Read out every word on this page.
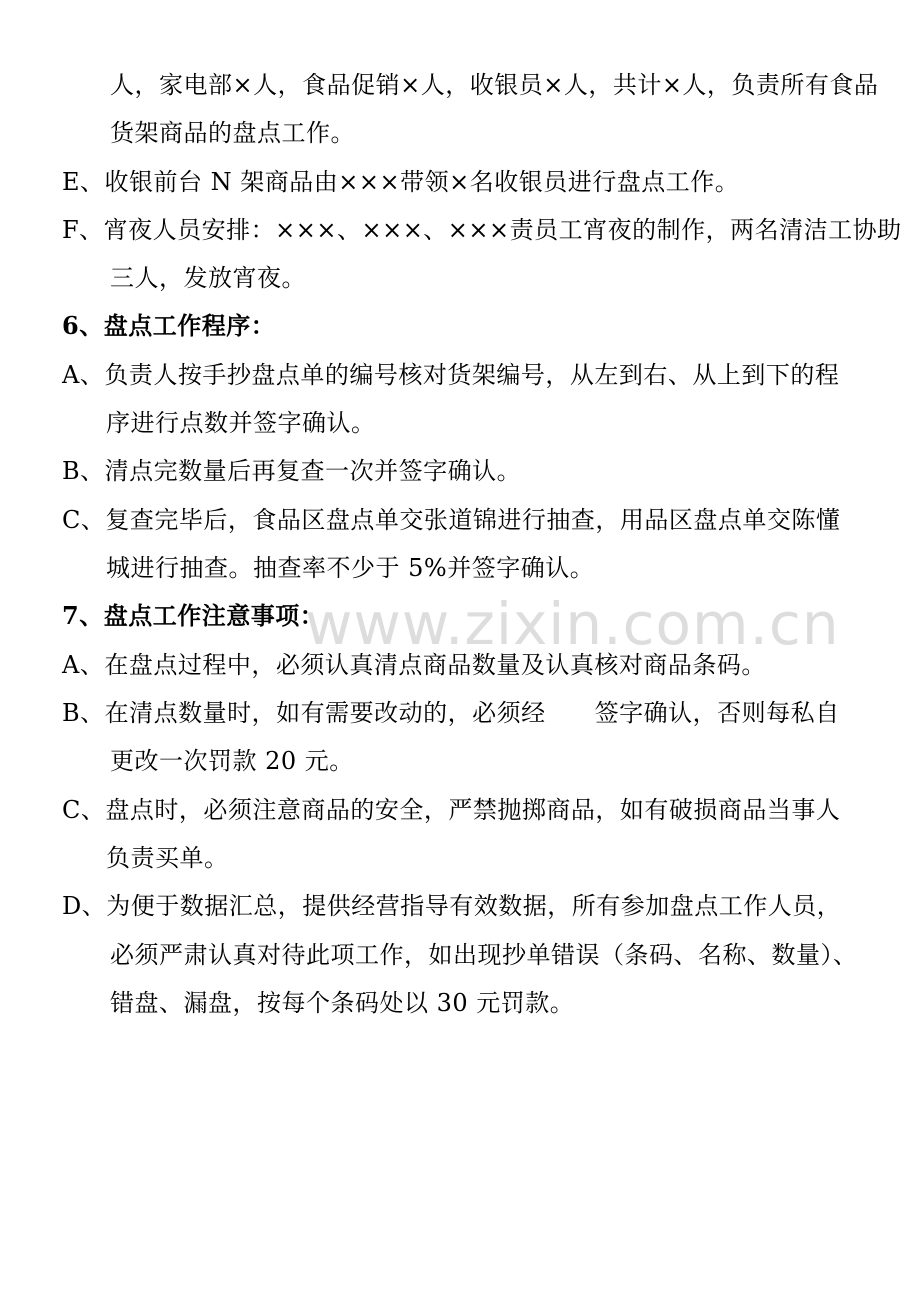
人，家电部×人，食品促销×人，收银员×人，共计×人，负责所有食品
货架商品的盘点工作。
E、收银前台 N 架商品由×××带领×名收银员进行盘点工作。
F、宵夜人员安排：×××、×××、×××责员工宵夜的制作，两名清洁工协助
三人，发放宵夜。
6、盘点工作程序：
A、负责人按手抄盘点单的编号核对货架编号，从左到右、从上到下的程
序进行点数并签字确认。
B、清点完数量后再复查一次并签字确认。
C、复查完毕后，食品区盘点单交张道锦进行抽查，用品区盘点单交陈懂
城进行抽查。抽查率不少于 5%并签字确认。
7、盘点工作注意事项：
A、在盘点过程中，必须认真清点商品数量及认真核对商品条码。
B、在清点数量时，如有需要改动的，必须经　　签字确认，否则每私自
更改一次罚款 20 元。
C、盘点时，必须注意商品的安全，严禁抛掷商品，如有破损商品当事人
负责买单。
D、为便于数据汇总，提供经营指导有效数据，所有参加盘点工作人员，
必须严肃认真对待此项工作，如出现抄单错误（条码、名称、数量）、
错盘、漏盘，按每个条码处以 30 元罚款。
www.zixin.com.cn
